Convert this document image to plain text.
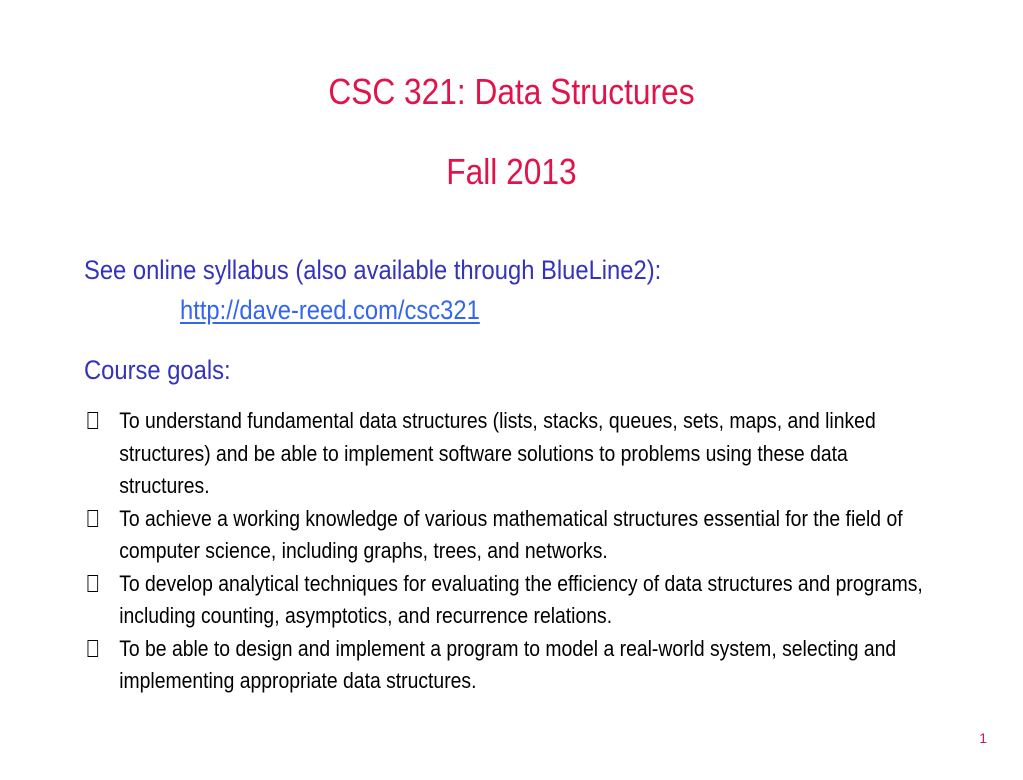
CSC 321: Data Structures
Fall 2013
See online syllabus (also available through BlueLine2):
http://dave-reed.com/csc321
Course goals:
To understand fundamental data structures (lists, stacks, queues, sets, maps, and linked structures) and be able to implement software solutions to problems using these data structures.
To achieve a working knowledge of various mathematical structures essential for the field of computer science, including graphs, trees, and networks.
To develop analytical techniques for evaluating the efficiency of data structures and programs, including counting, asymptotics, and recurrence relations.
To be able to design and implement a program to model a real-world system, selecting and implementing appropriate data structures.
1
